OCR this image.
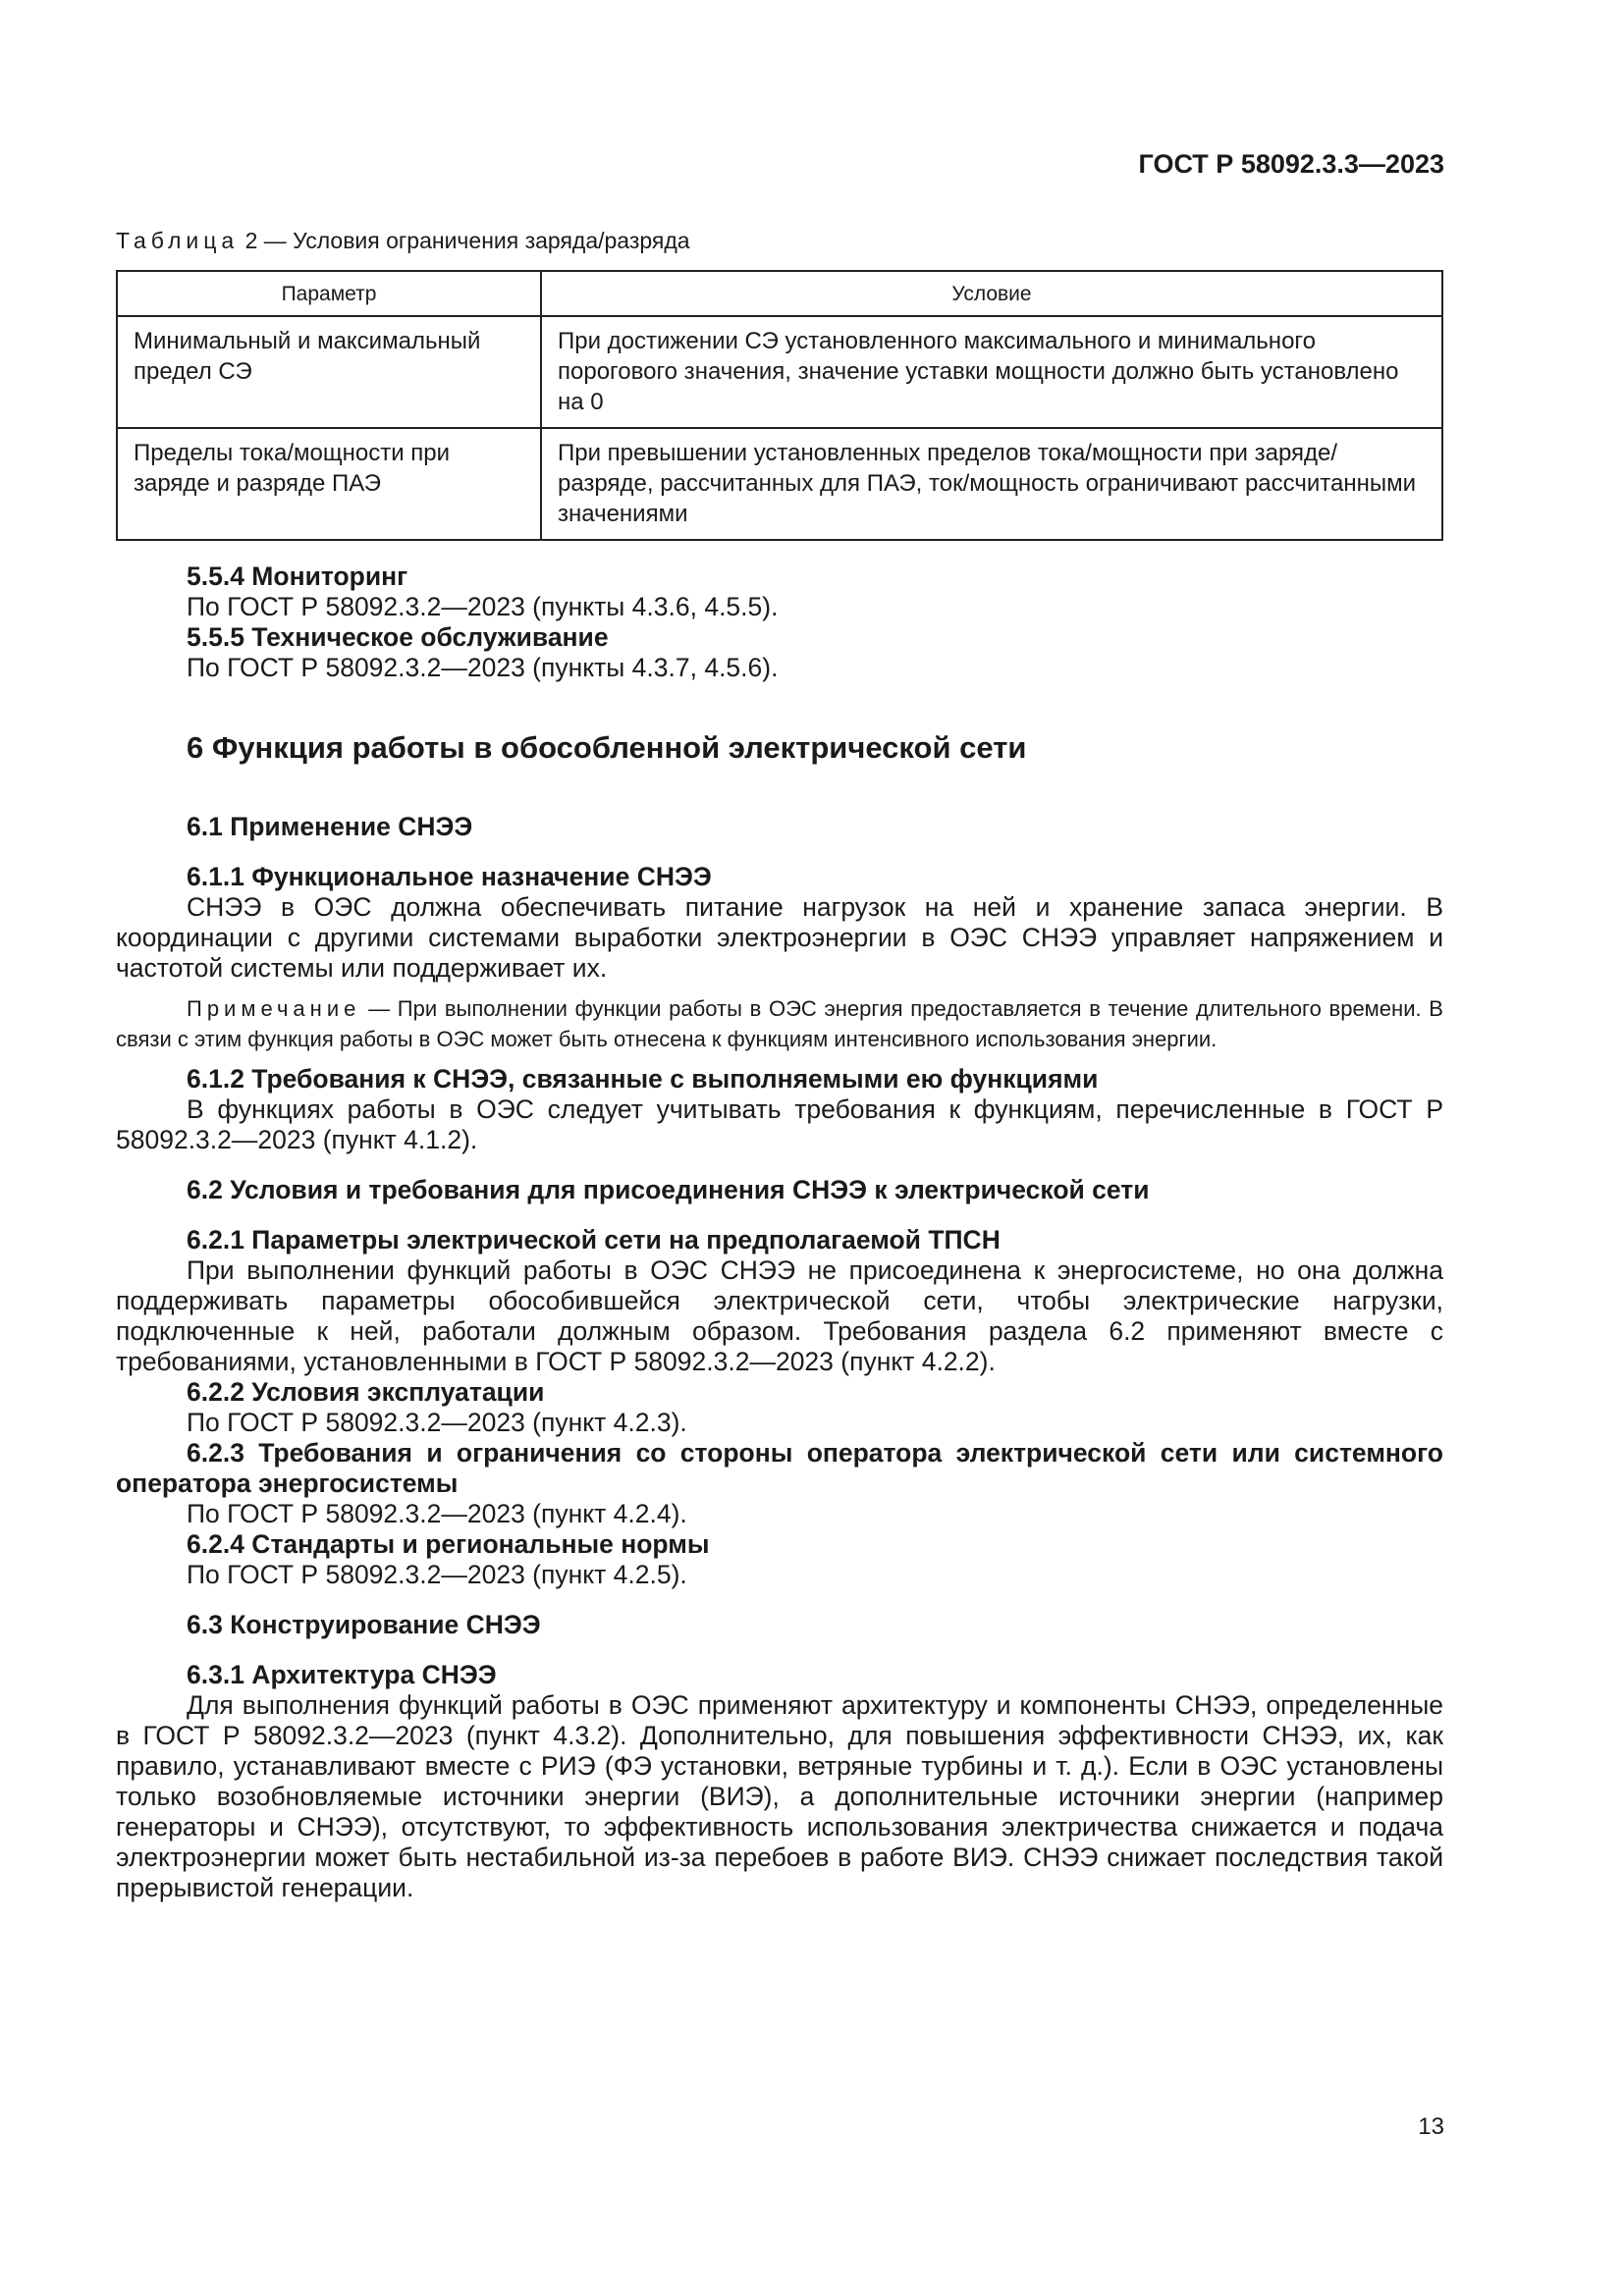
ГОСТ Р 58092.3.3—2023
Таблица 2 — Условия ограничения заряда/разряда
Параметр	Условие
Минимальный и максимальный предел СЭ	При достижении СЭ установленного максимального и минимального порогового значения, значение уставки мощности должно быть установлено на 0
Пределы тока/мощности при заряде и разряде ПАЭ	При превышении установленных пределов тока/мощности при заряде/разряде, рассчитанных для ПАЭ, ток/мощность ограничивают рассчитанными значениями

5.5.4 Мониторинг

По ГОСТ Р 58092.3.2—2023 (пункты 4.3.6, 4.5.5).

5.5.5 Техническое обслуживание

По ГОСТ Р 58092.3.2—2023 (пункты 4.3.7, 4.5.6).

6 Функция работы в обособленной электрической сети

6.1 Применение СНЭЭ

6.1.1 Функциональное назначение СНЭЭ

СНЭЭ в ОЭС должна обеспечивать питание нагрузок на ней и хранение запаса энергии. В координации с другими системами выработки электроэнергии в ОЭС СНЭЭ управляет напряжением и частотой системы или поддерживает их.

Примечание — При выполнении функции работы в ОЭС энергия предоставляется в течение длительного времени. В связи с этим функция работы в ОЭС может быть отнесена к функциям интенсивного использования энергии.

6.1.2 Требования к СНЭЭ, связанные с выполняемыми ею функциями

В функциях работы в ОЭС следует учитывать требования к функциям, перечисленные в ГОСТ Р 58092.3.2—2023 (пункт 4.1.2).

6.2 Условия и требования для присоединения СНЭЭ к электрической сети

6.2.1 Параметры электрической сети на предполагаемой ТПСН

При выполнении функций работы в ОЭС СНЭЭ не присоединена к энергосистеме, но она должна поддерживать параметры обособившейся электрической сети, чтобы электрические нагрузки, подключенные к ней, работали должным образом. Требования раздела 6.2 применяют вместе с требованиями, установленными в ГОСТ Р 58092.3.2—2023 (пункт 4.2.2).

6.2.2 Условия эксплуатации

По ГОСТ Р 58092.3.2—2023 (пункт 4.2.3).

6.2.3 Требования и ограничения со стороны оператора электрической сети или системного оператора энергосистемы

По ГОСТ Р 58092.3.2—2023 (пункт 4.2.4).

6.2.4 Стандарты и региональные нормы

По ГОСТ Р 58092.3.2—2023 (пункт 4.2.5).

6.3 Конструирование СНЭЭ

6.3.1 Архитектура СНЭЭ

Для выполнения функций работы в ОЭС применяют архитектуру и компоненты СНЭЭ, определенные в ГОСТ Р 58092.3.2—2023 (пункт 4.3.2). Дополнительно, для повышения эффективности СНЭЭ, их, как правило, устанавливают вместе с РИЭ (ФЭ установки, ветряные турбины и т. д.). Если в ОЭС установлены только возобновляемые источники энергии (ВИЭ), а дополнительные источники энергии (например генераторы и СНЭЭ), отсутствуют, то эффективность использования электричества снижается и подача электроэнергии может быть нестабильной из-за перебоев в работе ВИЭ. СНЭЭ снижает последствия такой прерывистой генерации.

13
